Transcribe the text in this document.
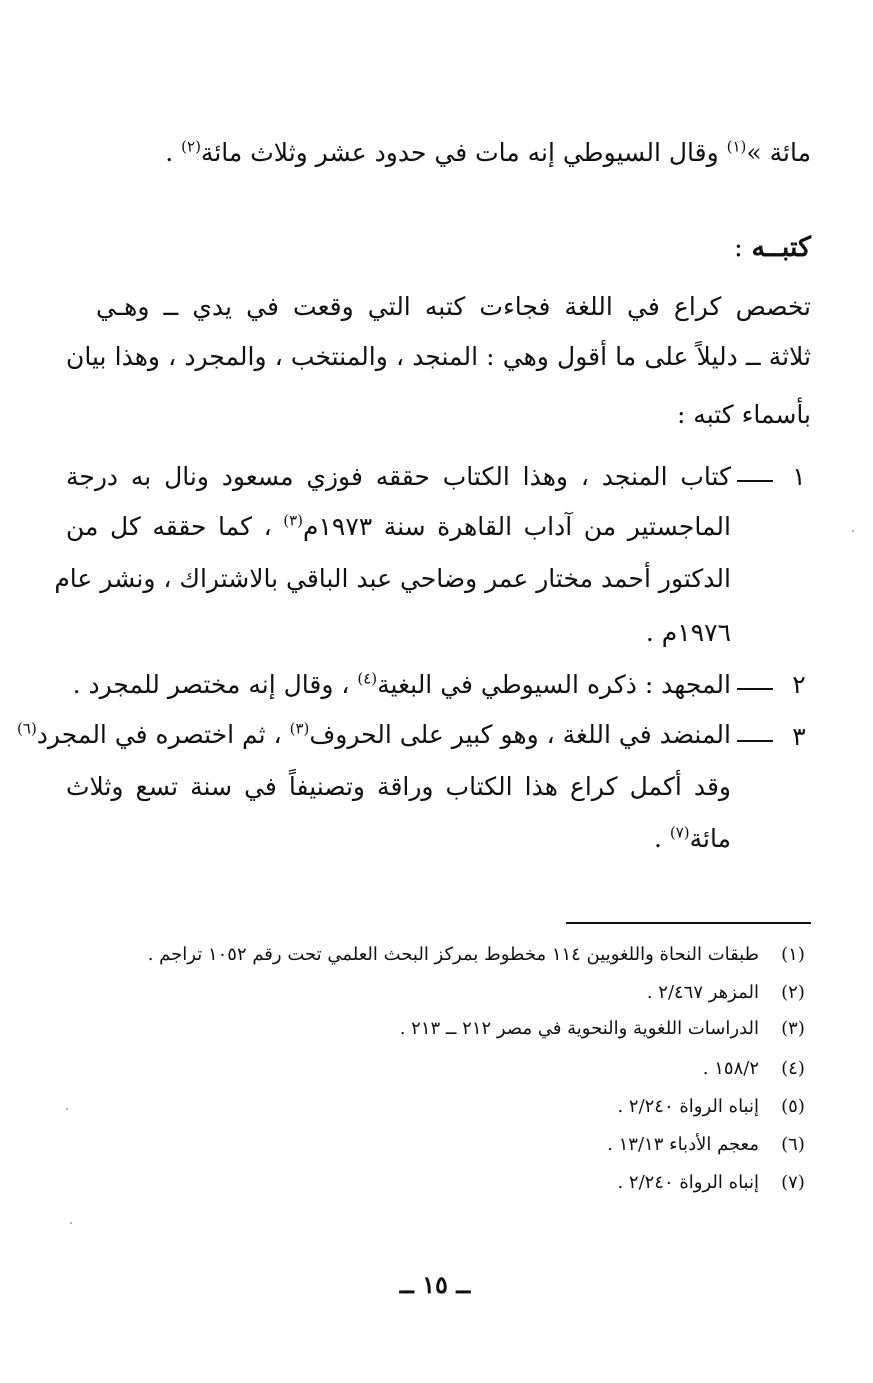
مائة »$^{(١)}$ وقال السيوطي إنه مات في حدود عشر وثلاث مائة$^{(٢)}$ .
كتبــه :
تخصص كراع في اللغة فجاءت كتبه التي وقعت في يدي ــ وهـي
ثلاثة ــ دليلاً على ما أقول وهي : المنجد ، والمنتخب ، والمجرد ، وهذا بيان
بأسماء كتبه :
١
كتاب المنجد ، وهذا الكتاب حققه فوزي مسعود ونال به درجة
الماجستير من آداب القاهرة سنة ١٩٧٣م$^{(٣)}$ ، كما حققه كل من
الدكتور أحمد مختار عمر وضاحي عبد الباقي بالاشتراك ، ونشر عام
١٩٧٦م .
٢
المجهد : ذكره السيوطي في البغية$^{(٤)}$ ، وقال إنه مختصر للمجرد .
٣
المنضد في اللغة ، وهو كبير على الحروف$^{(٣)}$ ، ثم اختصره في المجرد$^{(٦)}$
وقد أكمل كراع هذا الكتاب وراقة وتصنيفاً في سنة تسع وثلاث
مائة$^{(٧)}$ .
(١)
طبقات النحاة واللغويين ١١٤ مخطوط بمركز البحث العلمي تحت رقم ١٠٥٢ تراجم .
(٢)
المزهر ٢/٤٦٧ .
(٣)
الدراسات اللغوية والنحوية في مصر ٢١٢ ــ ٢١٣ .
(٤)
١٥٨/٢ .
(٥)
إنباه الرواة ٢/٢٤٠ .
(٦)
معجم الأدباء ١٣/١٣ .
(٧)
إنباه الرواة ٢/٢٤٠ .
ــ ١٥ ــ
